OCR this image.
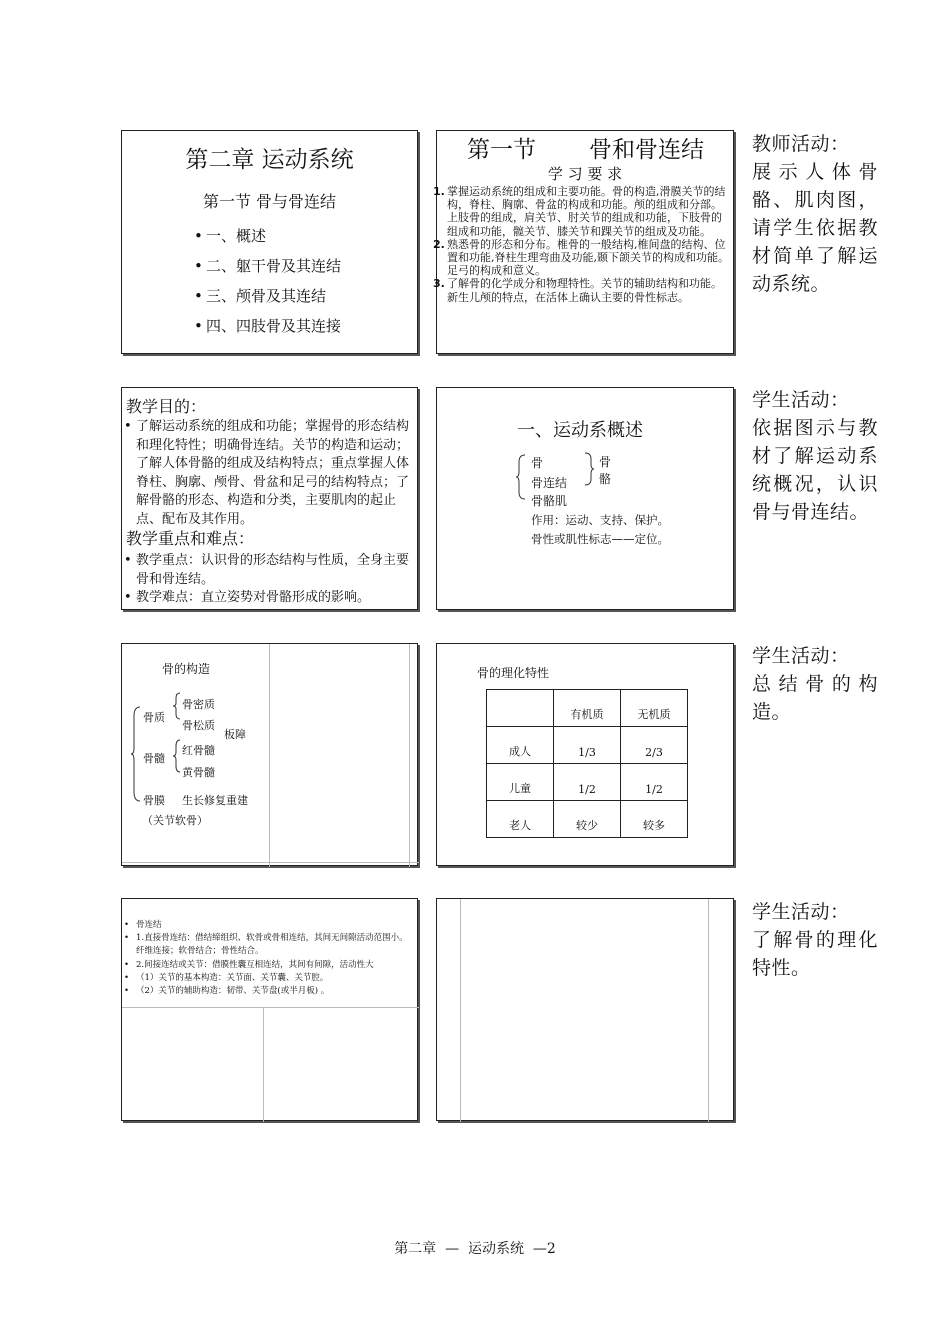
第二章 运动系统
第一节 骨与骨连结
• 一、概述
• 二、躯干骨及其连结
• 三、颅骨及其连结
• 四、四肢骨及其连接
第一节 骨和骨连结
学 习 要 求
1. 掌握运动系统的组成和主要功能。骨的构造,滑膜关节的结构，脊柱、胸廓、骨盆的构成和功能。颅的组成和分部。上肢骨的组成，肩关节、肘关节的组成和功能，下肢骨的组成和功能，髋关节、膝关节和踝关节的组成及功能。
2. 熟悉骨的形态和分布。椎骨的一般结构,椎间盘的结构、位置和功能,脊柱生理弯曲及功能,颞下颌关节的构成和功能。足弓的构成和意义。
3. 了解骨的化学成分和物理特性。关节的辅助结构和功能。新生儿颅的特点，在活体上确认主要的骨性标志。
教学目的：
• 了解运动系统的组成和功能；掌握骨的形态结构和理化特性；明确骨连结。关节的构造和运动；了解人体骨骼的组成及结构特点；重点掌握人体脊柱、胸廓、颅骨、骨盆和足弓的结构特点；了解骨骼的形态、构造和分类，主要肌肉的起止点、配布及其作用。
教学重点和难点：
• 教学重点：认识骨的形态结构与性质，全身主要骨和骨连结。
• 教学难点：直立姿势对骨骼形成的影响。
一、运动系概述
骨
骨连结
骨
骼
骨骼肌
作用：运动、支持、保护。
骨性或肌性标志——定位。
骨的构造
骨质
骨密质
骨松质
板障
骨髓
红骨髓
黄骨髓
骨膜 生长修复重建
（关节软骨）
骨的理化特性
	有机质	无机质
成人	1/3	2/3
儿童	1/2	1/2
老人	较少	较多
• 骨连结
• 1.直接骨连结：借结缔组织、软骨或骨相连结，其间无间隙活动范围小。纤维连接；软骨结合；骨性结合。
• 2.间接连结或关节：借膜性囊互相连结，其间有间隙，活动性大
• （1）关节的基本构造：关节面、关节囊、关节腔。
• （2）关节的辅助构造：韧带、关节盘(或半月板) 。
教师活动：
展示人体骨
骼、肌肉图，
请学生依据教
材简单了解运
动系统。
学生活动：
依据图示与教
材了解运动系
统概况，认识
骨与骨连结。
学生活动：
总结骨的构
造。
学生活动：
了解骨的理化
特性。
第二章  —  运动系统  —2
